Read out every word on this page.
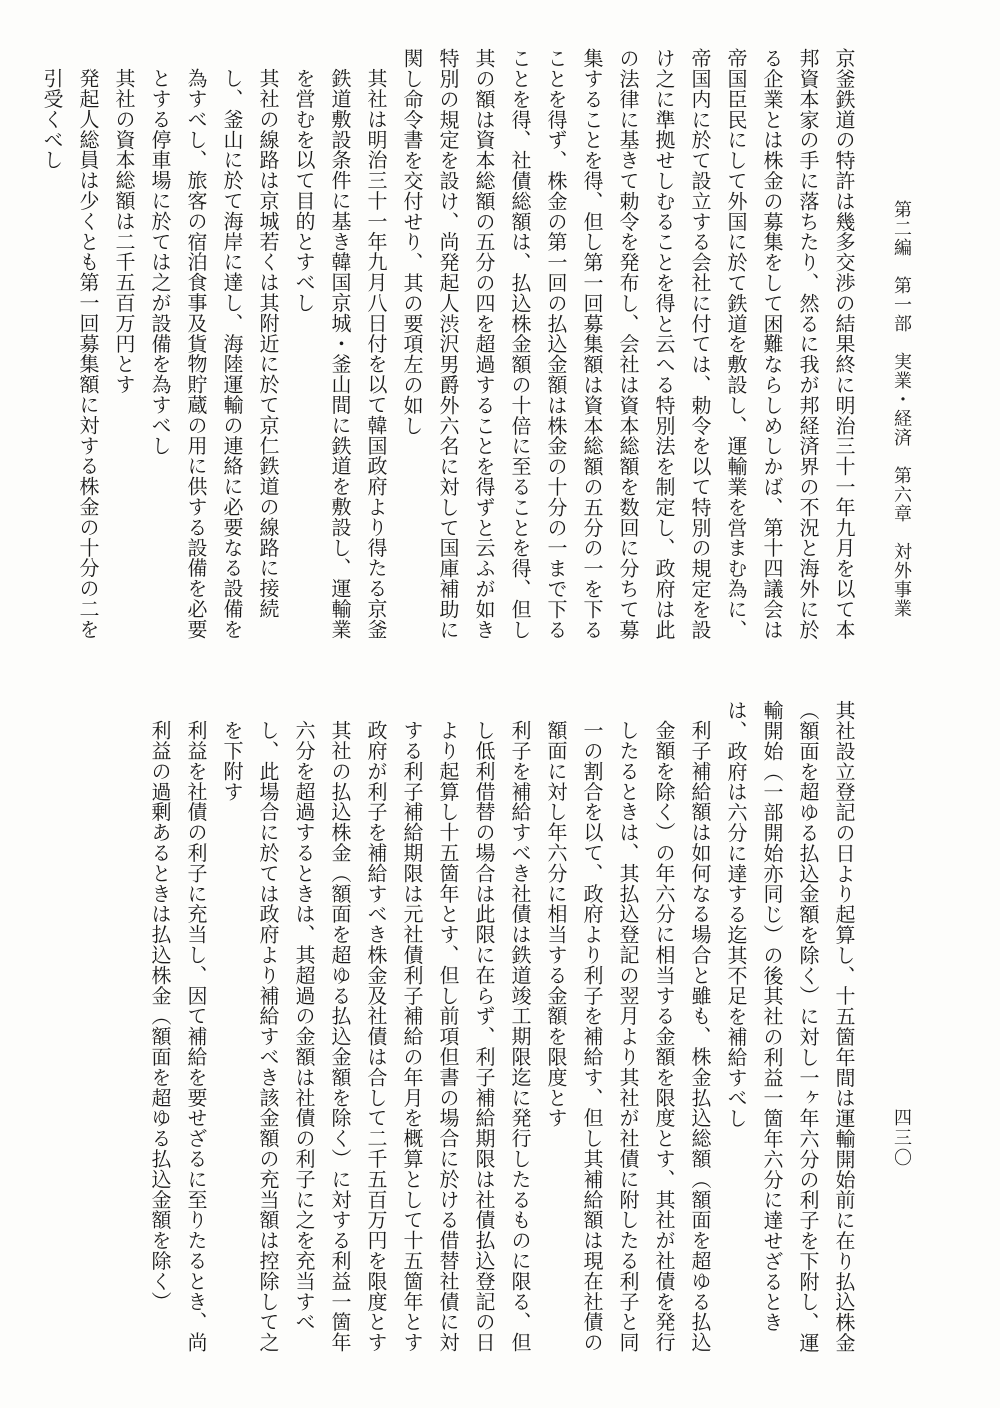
第二編　第一部　実業・経済　第六章　対外事業
四三〇

京釜鉄道の特許は幾多交渉の結果終に明治三十一年九月を以て本邦資本家の手に落ちたり、然るに我が邦経済界の不況と海外に於る企業とは株金の募集をして困難ならしめしかば、第十四議会は帝国臣民にして外国に於て鉄道を敷設し、運輸業を営まむ為に、帝国内に於て設立する会社に付ては、勅令を以て特別の規定を設け之に準拠せしむることを得と云へる特別法を制定し、政府は此の法律に基きて勅令を発布し、会社は資本総額を数回に分ちて募集することを得、但し第一回募集額は資本総額の五分の一を下ることを得ず、株金の第一回の払込金額は株金の十分の一まで下ることを得、社債総額は、払込株金額の十倍に至ることを得、但し其の額は資本総額の五分の四を超過することを得ずと云ふが如き特別の規定を設け、尚発起人渋沢男爵外六名に対して国庫補助に関し命令書を交付せり、其の要項左の如し

其社は明治三十一年九月八日付を以て韓国政府より得たる京釜鉄道敷設条件に基き韓国京城・釜山間に鉄道を敷設し、運輸業を営むを以て目的とすべし

其社の線路は京城若くは其附近に於て京仁鉄道の線路に接続し、釜山に於て海岸に達し、海陸運輸の連絡に必要なる設備を為すべし、旅客の宿泊食事及貨物貯蔵の用に供する設備を必要とする停車場に於ては之が設備を為すべし

其社の資本総額は二千五百万円とす

発起人総員は少くとも第一回募集額に対する株金の十分の二を引受くべし

其社設立登記の日より起算し、十五箇年間は運輸開始前に在り払込株金（額面を超ゆる払込金額を除く）に対し一ヶ年六分の利子を下附し、運輸開始（一部開始亦同じ）の後其社の利益一箇年六分に達せざるときは、政府は六分に達する迄其不足を補給すべし

利子補給額は如何なる場合と雖も、株金払込総額（額面を超ゆる払込金額を除く）の年六分に相当する金額を限度とす、其社が社債を発行したるときは、其払込登記の翌月より其社が社債に附したる利子と同一の割合を以て、政府より利子を補給す、但し其補給額は現在社債の額面に対し年六分に相当する金額を限度とす

利子を補給すべき社債は鉄道竣工期限迄に発行したるものに限る、但し低利借替の場合は此限に在らず、利子補給期限は社債払込登記の日より起算し十五箇年とす、但し前項但書の場合に於ける借替社債に対する利子補給期限は元社債利子補給の年月を概算として十五箇年とす

政府が利子を補給すべき株金及社債は合して二千五百万円を限度とす

其社の払込株金（額面を超ゆる払込金額を除く）に対する利益一箇年六分を超過するときは、其超過の金額は社債の利子に之を充当すべし、此場合に於ては政府より補給すべき該金額の充当額は控除して之を下附す

利益を社債の利子に充当し、因て補給を要せざるに至りたるとき、尚利益の過剰あるときは払込株金（額面を超ゆる払込金額を除く）
